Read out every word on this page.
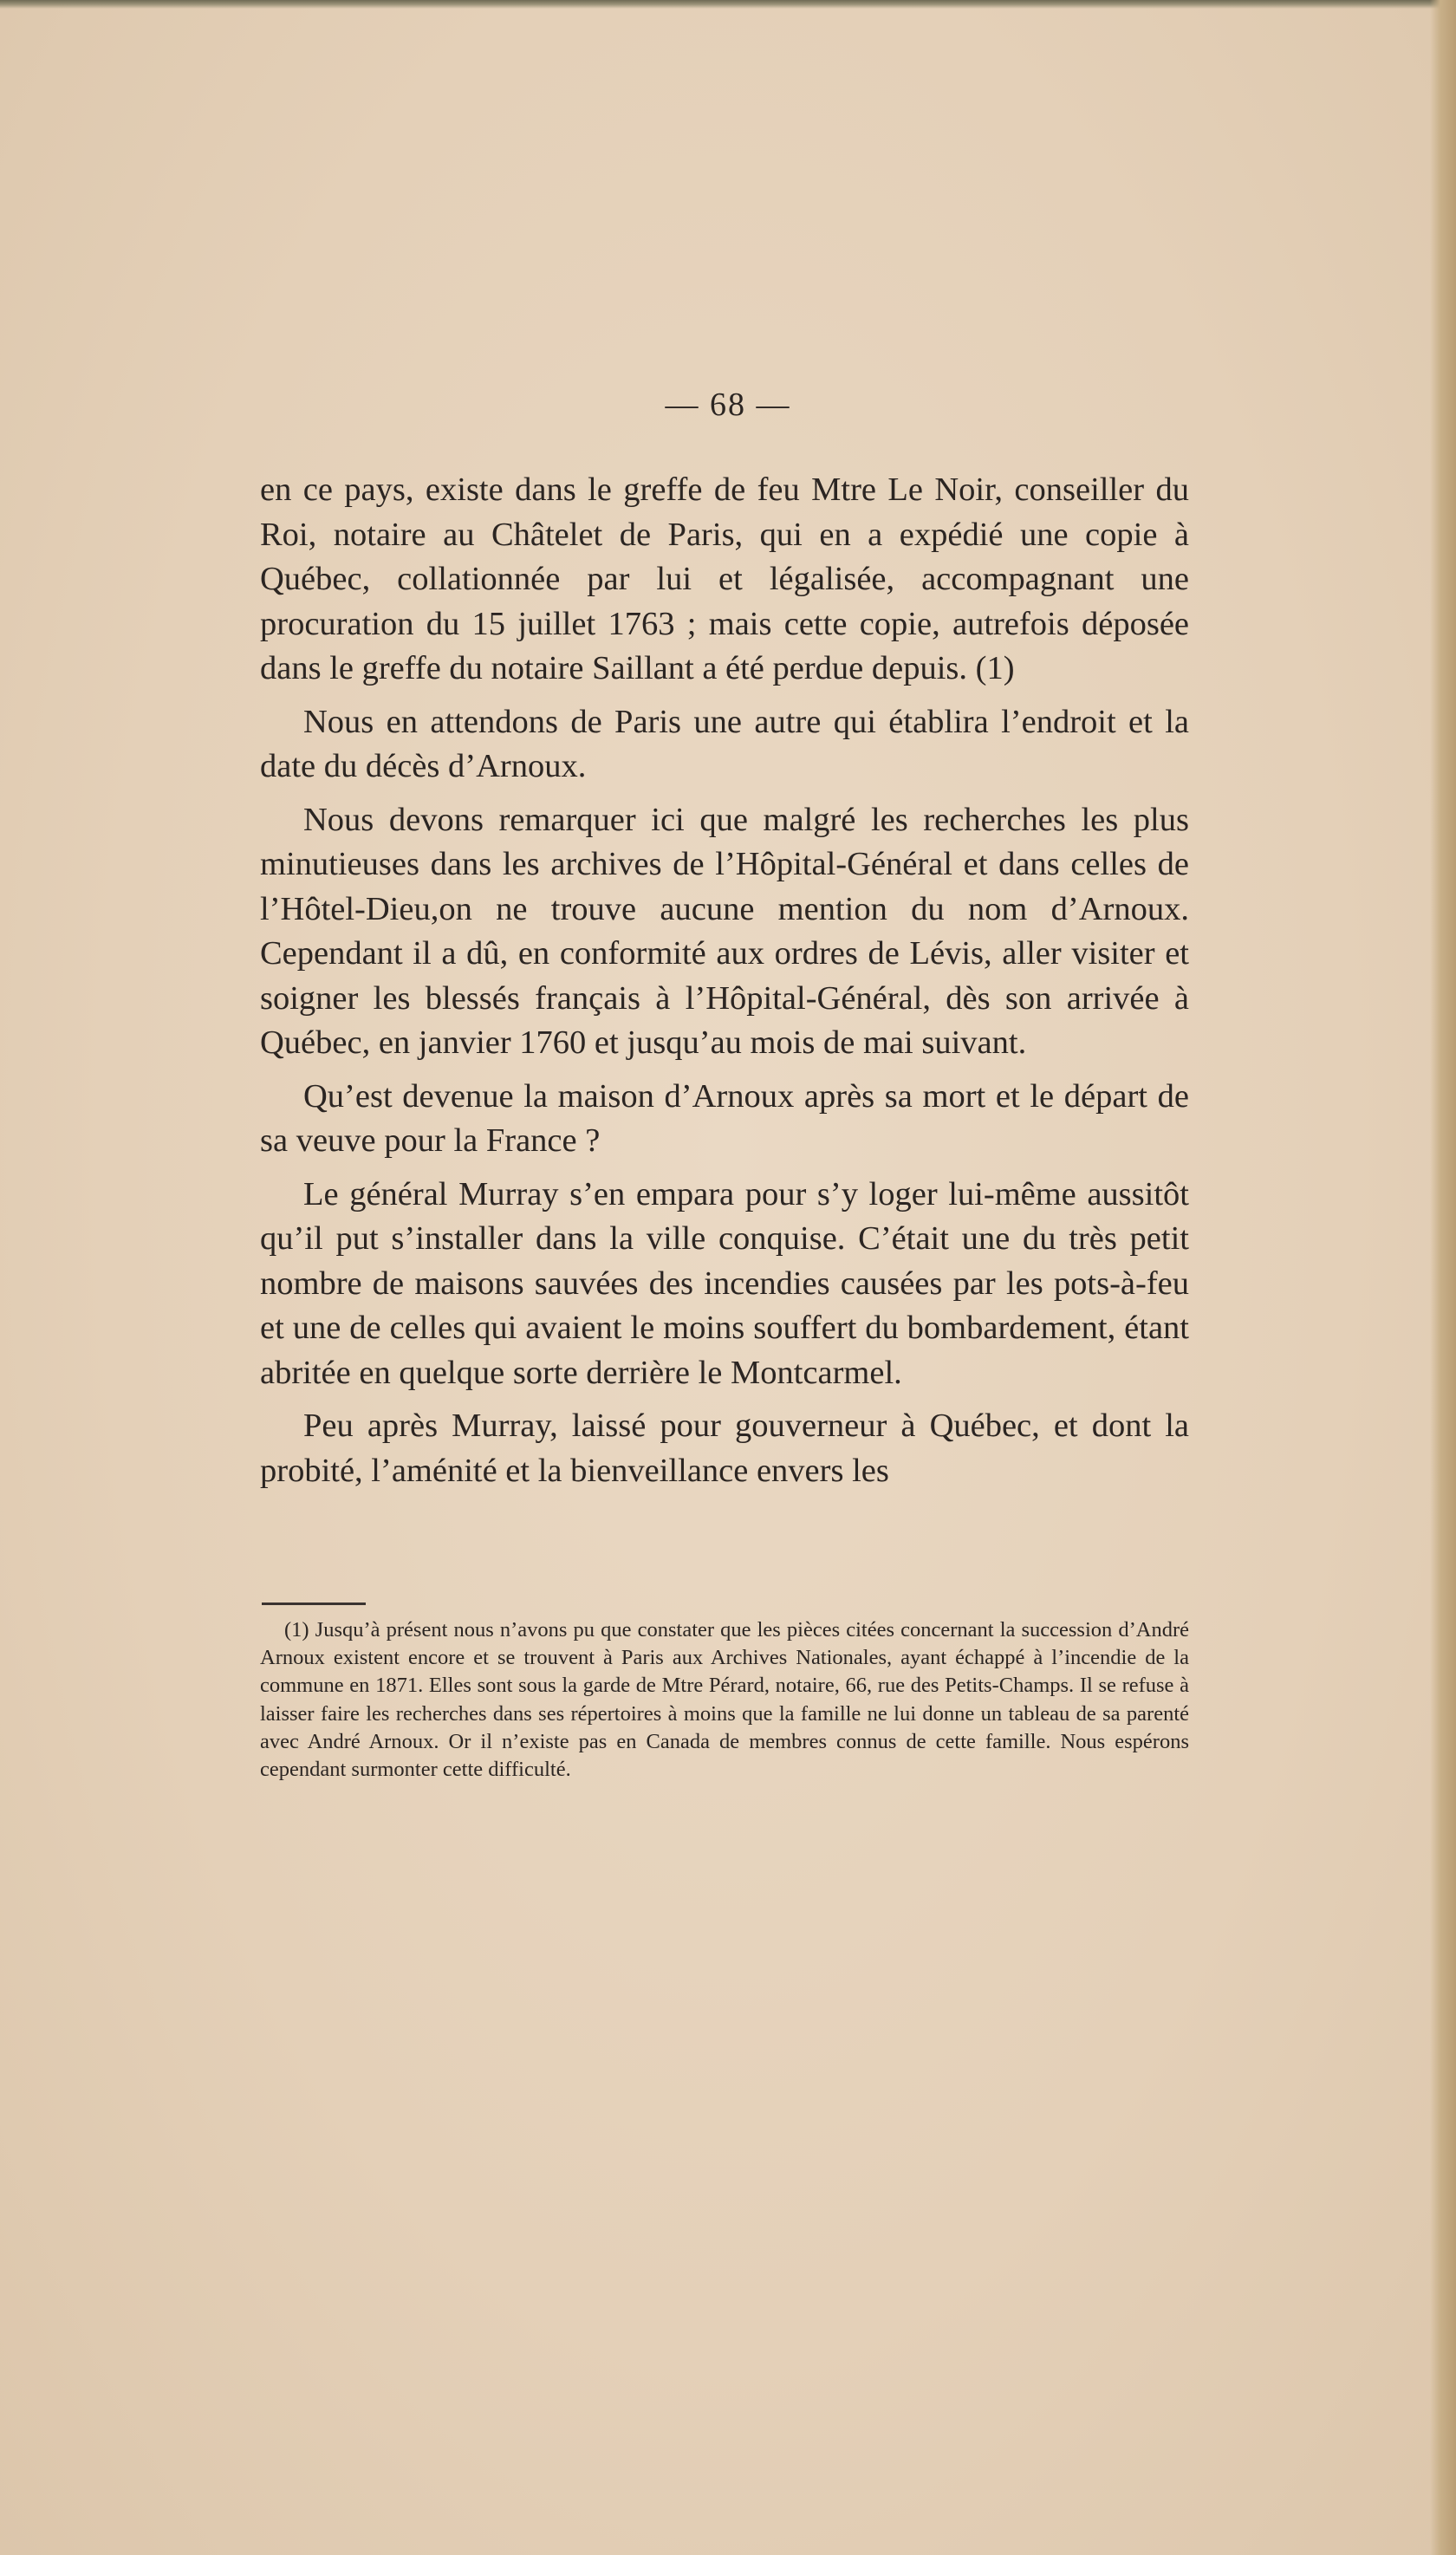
— 68 —

en ce pays, existe dans le greffe de feu Mtre Le Noir, conseiller du Roi, notaire au Châtelet de Paris, qui en a expédié une copie à Québec, collationnée par lui et légalisée, accompagnant une procuration du 15 juillet 1763 ; mais cette copie, autrefois déposée dans le greffe du notaire Saillant a été perdue depuis. (1)

Nous en attendons de Paris une autre qui établira l’endroit et la date du décès d’Arnoux.

Nous devons remarquer ici que malgré les recherches les plus minutieuses dans les archives de l’Hôpital-Général et dans celles de l’Hôtel-Dieu,on ne trouve aucune mention du nom d’Arnoux. Cependant il a dû, en conformité aux ordres de Lévis, aller visiter et soigner les blessés français à l’Hôpital-Général, dès son arrivée à Québec, en janvier 1760 et jusqu’au mois de mai suivant.

Qu’est devenue la maison d’Arnoux après sa mort et le départ de sa veuve pour la France ?

Le général Murray s’en empara pour s’y loger lui-même aussitôt qu’il put s’installer dans la ville conquise. C’était une du très petit nombre de maisons sauvées des incendies causées par les pots-à-feu et une de celles qui avaient le moins souffert du bombardement, étant abritée en quelque sorte derrière le Montcarmel.

Peu après Murray, laissé pour gouverneur à Québec, et dont la probité, l’aménité et la bienveillance envers les

(1) Jusqu’à présent nous n’avons pu que constater que les pièces citées concernant la succession d’André Arnoux existent encore et se trouvent à Paris aux Archives Nationales, ayant échappé à l’incendie de la commune en 1871. Elles sont sous la garde de Mtre Pérard, notaire, 66, rue des Petits-Champs. Il se refuse à laisser faire les recherches dans ses répertoires à moins que la famille ne lui donne un tableau de sa parenté avec André Arnoux. Or il n’existe pas en Canada de membres connus de cette famille. Nous espérons cependant surmonter cette difficulté.
